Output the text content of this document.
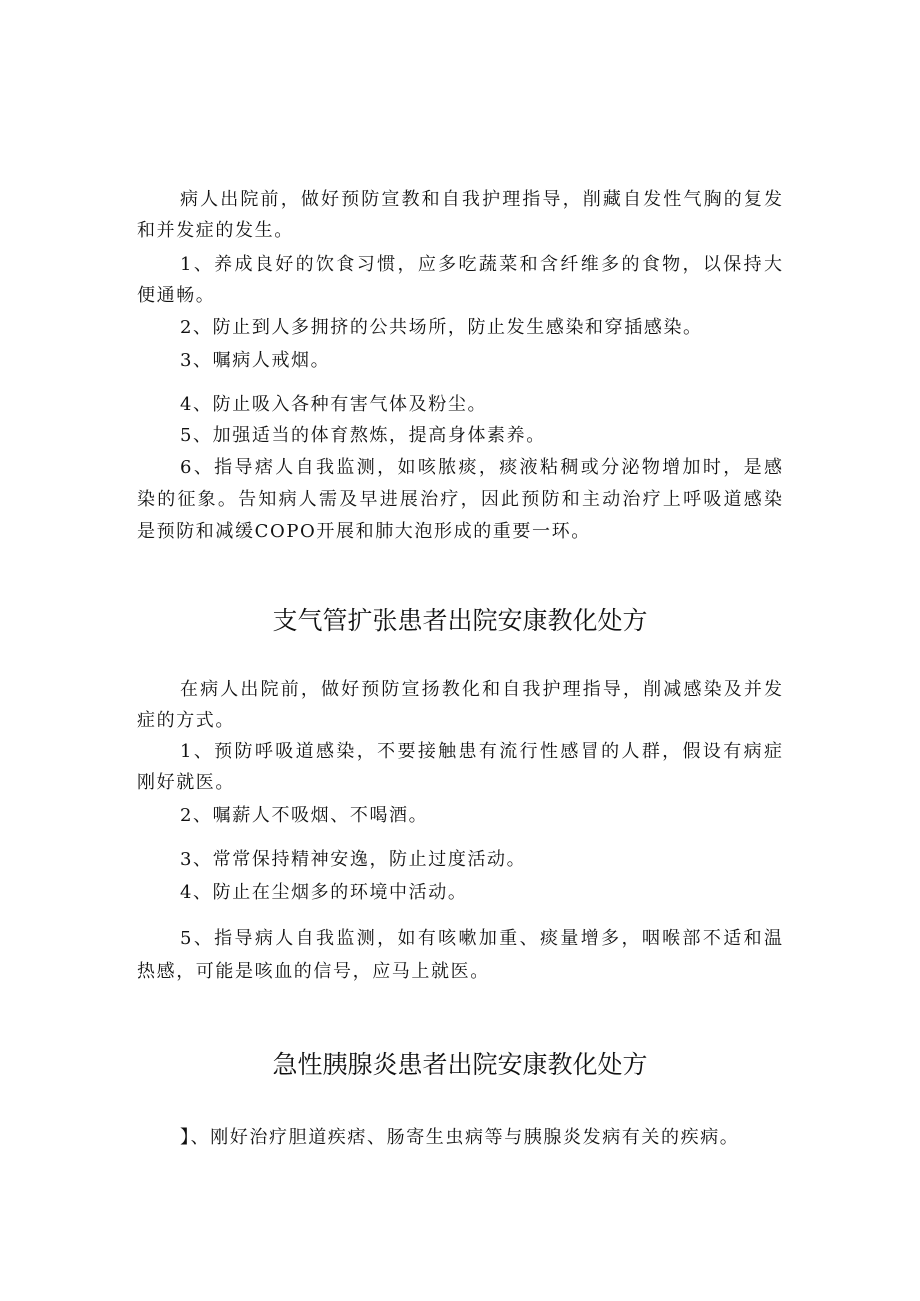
病人出院前，做好预防宣教和自我护理指导，削藏自发性气胸的复发
和并发症的发生。
1、养成良好的饮食习惯，应多吃蔬菜和含纤维多的食物，以保持大
便通畅。
2、防止到人多拥挤的公共场所，防止发生感染和穿插感染。
3、嘱病人戒烟。
4、防止吸入各种有害气体及粉尘。
5、加强适当的体育熬炼，提高身体素养。
6、指导痞人自我监测，如咳脓痰，痰液粘稠或分泌物增加时，是感
染的征象。告知病人需及早进展治疗，因此预防和主动治疗上呼吸道感染
是预防和减缓COPO开展和肺大泡形成的重要一环。
支气管扩张患者出院安康教化处方
在病人出院前，做好预防宣扬教化和自我护理指导，削减感染及并发
症的方式。
1、预防呼吸道感染，不要接触患有流行性感冒的人群，假设有病症
刚好就医。
2、嘱薪人不吸烟、不喝酒。
3、常常保持精神安逸，防止过度活动。
4、防止在尘烟多的环境中活动。
5、指导病人自我监测，如有咳嗽加重、痰量增多，咽喉部不适和温
热感，可能是咳血的信号，应马上就医。
急性胰腺炎患者出院安康教化处方
】、刚好治疗胆道疾痞、肠寄生虫病等与胰腺炎发病有关的疾病。
